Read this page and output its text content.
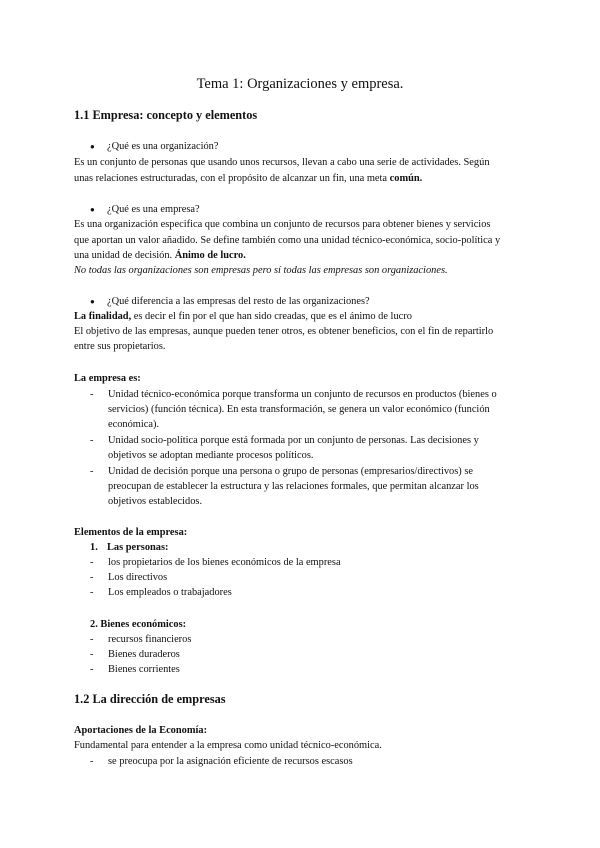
Tema 1: Organizaciones y empresa.
1.1 Empresa: concepto y elementos
● ¿Qué es una organización?
Es un conjunto de personas que usando unos recursos, llevan a cabo una serie de actividades. Según
unas relaciones estructuradas, con el propósito de alcanzar un fin, una meta común.
● ¿Qué es una empresa?
Es una organización especifica que combina un conjunto de recursos para obtener bienes y servicios
que aportan un valor añadido. Se define también como una unidad técnico-económica, socio-política y
una unidad de decisión. Ánimo de lucro.
No todas las organizaciones son empresas pero sí todas las empresas son organizaciones.
● ¿Qué diferencia a las empresas del resto de las organizaciones?
La finalidad, es decir el fin por el que han sido creadas, que es el ánimo de lucro
El objetivo de las empresas, aunque pueden tener otros, es obtener beneficios, con el fin de repartirlo
entre sus propietarios.
La empresa es:
- Unidad técnico-económica porque transforma un conjunto de recursos en productos (bienes o
servicios) (función técnica). En esta transformación, se genera un valor económico (función
económica).
- Unidad socio-política porque está formada por un conjunto de personas. Las decisiones y
objetivos se adoptan mediante procesos políticos.
- Unidad de decisión porque una persona o grupo de personas (empresarios/directivos) se
preocupan de establecer la estructura y las relaciones formales, que permitan alcanzar los
objetivos establecidos.
Elementos de la empresa:
1. Las personas:
- los propietarios de los bienes económicos de la empresa
- Los directivos
- Los empleados o trabajadores
2. Bienes económicos:
- recursos financieros
- Bienes duraderos
- Bienes corrientes
1.2 La dirección de empresas
Aportaciones de la Economía:
Fundamental para entender a la empresa como unidad técnico-económica.
- se preocupa por la asignación eficiente de recursos escasos
